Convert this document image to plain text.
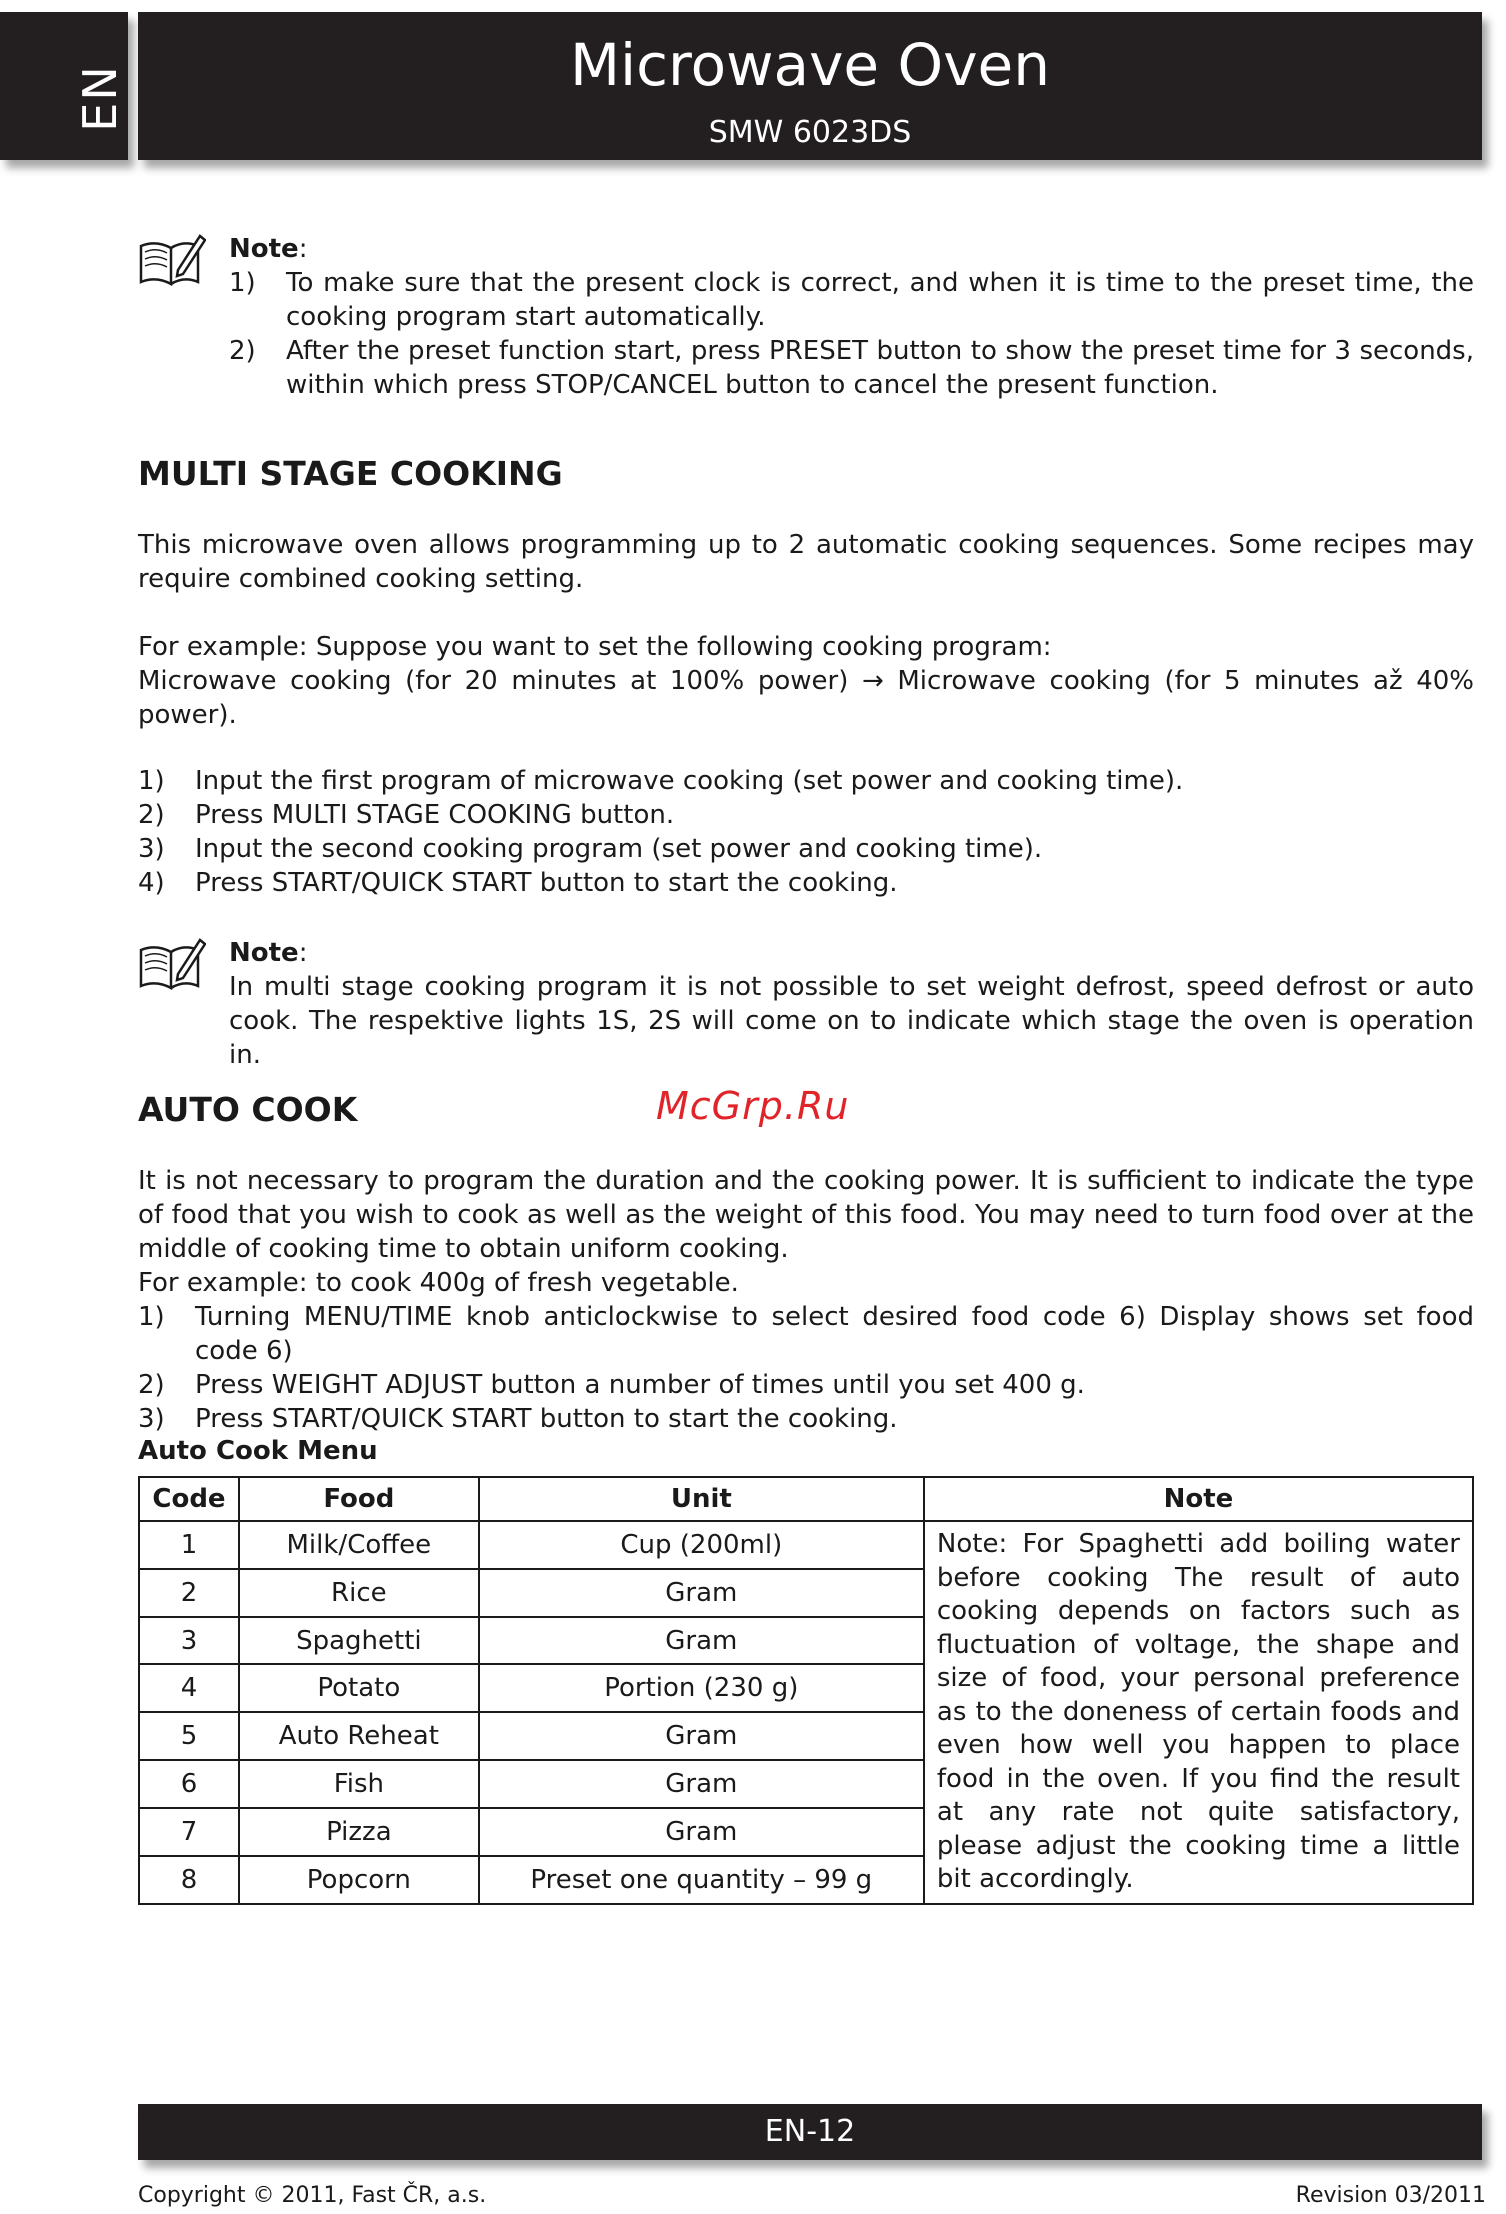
EN	Microwave Oven
SMW 6023DS
Note:
1) To make sure that the present clock is correct, and when it is time to the preset time, the cooking program start automatically.
2) After the preset function start, press PRESET button to show the preset time for 3 seconds, within which press STOP/CANCEL button to cancel the present function.
MULTI STAGE COOKING
This microwave oven allows programming up to 2 automatic cooking sequences. Some recipes may require combined cooking setting.
For example: Suppose you want to set the following cooking program:
Microwave cooking (for 20 minutes at 100% power) → Microwave cooking (for 5 minutes až 40% power).
1) Input the first program of microwave cooking (set power and cooking time).
2) Press MULTI STAGE COOKING button.
3) Input the second cooking program (set power and cooking time).
4) Press START/QUICK START button to start the cooking.
Note:
In multi stage cooking program it is not possible to set weight defrost, speed defrost or auto cook. The respektive lights 1S, 2S will come on to indicate which stage the oven is operation in.
AUTO COOK	McGrp.Ru
It is not necessary to program the duration and the cooking power. It is sufficient to indicate the type of food that you wish to cook as well as the weight of this food. You may need to turn food over at the middle of cooking time to obtain uniform cooking.
For example: to cook 400g of fresh vegetable.
1) Turning MENU/TIME knob anticlockwise to select desired food code 6) Display shows set food code 6)
2) Press WEIGHT ADJUST button a number of times until you set 400 g.
3) Press START/QUICK START button to start the cooking.
Auto Cook Menu
Code	Food	Unit	Note
1	Milk/Coffee	Cup (200ml)	Note: For Spaghetti add boiling water before cooking The result of auto cooking depends on factors such as fluctuation of voltage, the shape and size of food, your personal preference as to the doneness of certain foods and even how well you happen to place food in the oven. If you find the result at any rate not quite satisfactory, please adjust the cooking time a little bit accordingly.
2	Rice	Gram	
3	Spaghetti	Gram	
4	Potato	Portion (230 g)	
5	Auto Reheat	Gram	
6	Fish	Gram	
7	Pizza	Gram	
8	Popcorn	Preset one quantity – 99 g	
EN-12
Copyright © 2011, Fast ČR, a.s.	Revision 03/2011
